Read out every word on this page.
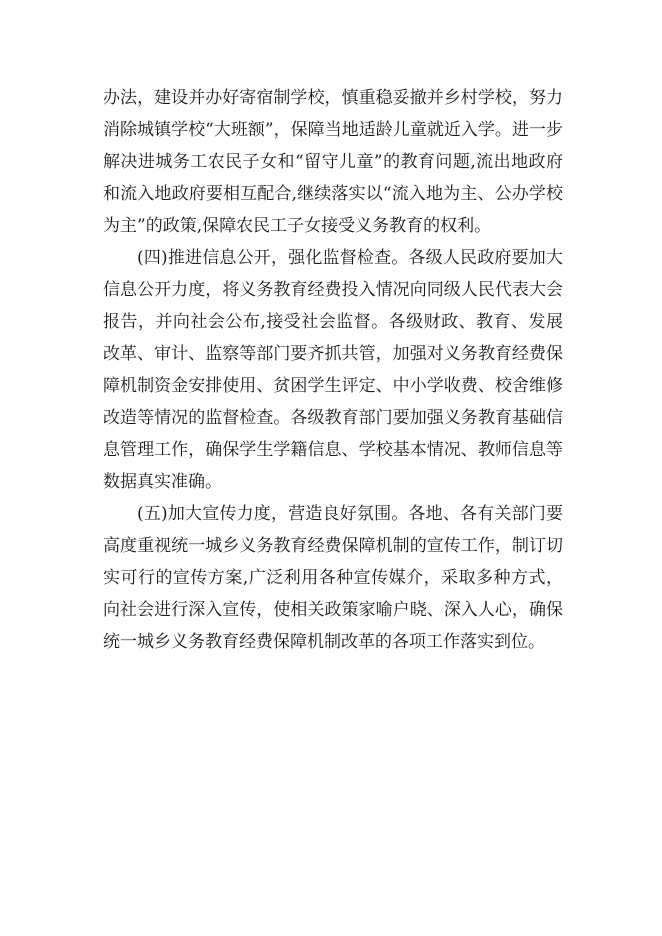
办法，建设并办好寄宿制学校，慎重稳妥撤并乡村学校，努力消除城镇学校“大班额”，保障当地适龄儿童就近入学。进一步解决进城务工农民子女和“留守儿童”的教育问题,流出地政府和流入地政府要相互配合,继续落实以“流入地为主、公办学校为主”的政策,保障农民工子女接受义务教育的权利。

(四)推进信息公开，强化监督检查。各级人民政府要加大信息公开力度，将义务教育经费投入情况向同级人民代表大会报告，并向社会公布,接受社会监督。各级财政、教育、发展改革、审计、监察等部门要齐抓共管，加强对义务教育经费保障机制资金安排使用、贫困学生评定、中小学收费、校舍维修改造等情况的监督检查。各级教育部门要加强义务教育基础信息管理工作，确保学生学籍信息、学校基本情况、教师信息等数据真实准确。

(五)加大宣传力度，营造良好氛围。各地、各有关部门要高度重视统一城乡义务教育经费保障机制的宣传工作，制订切实可行的宣传方案,广泛利用各种宣传媒介，采取多种方式，向社会进行深入宣传，使相关政策家喻户晓、深入人心，确保统一城乡义务教育经费保障机制改革的各项工作落实到位。
